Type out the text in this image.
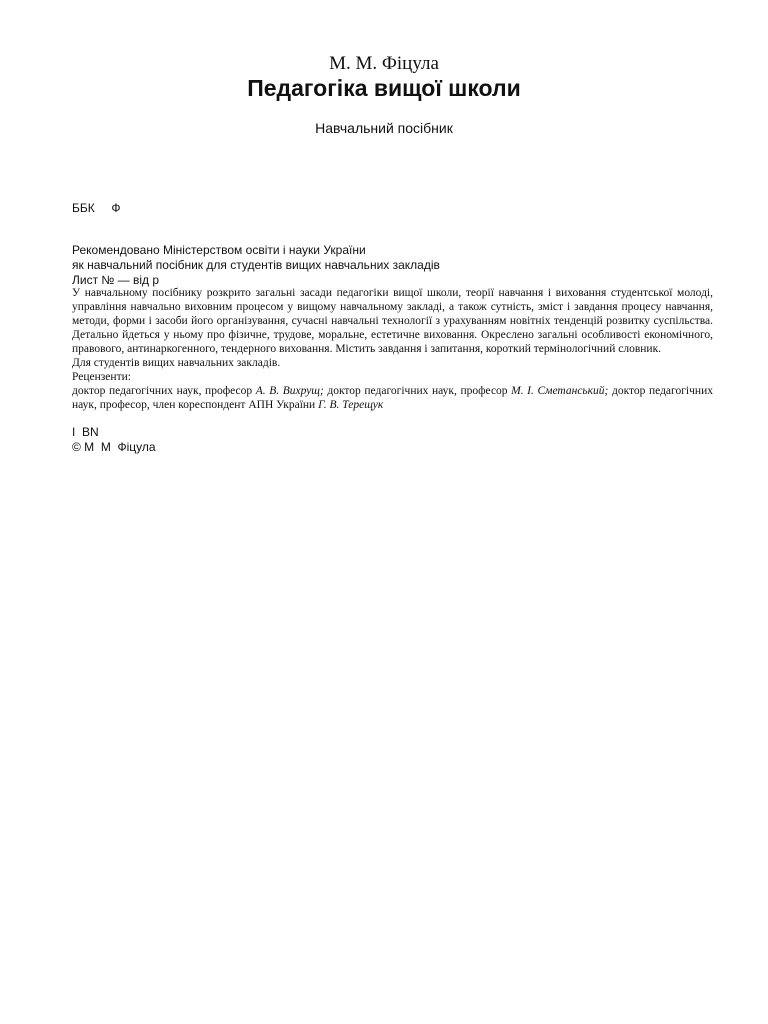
М. М. Фіцула
Педагогіка вищої школи
Навчальний посібник
ББК     Ф
Рекомендовано Міністерством освіти і науки України
як навчальний посібник для студентів вищих навчальних закладів
Лист № — від р

У навчальному посібнику розкрито загальні засади педагогіки вищої школи, теорії навчання і виховання студентської молоді, управління навчально виховним процесом у вищому навчальному закладі, а також сутність, зміст і завдання процесу навчання, методи, форми і засоби його організування, сучасні навчальні технології з урахуванням новітніх тенденцій розвитку суспільства. Детально йдеться у ньому про фізичне, трудове, моральне, естетичне виховання. Окреслено загальні особливості економічного, правового, антинаркогенного, тендерного виховання. Містить завдання і запитання, короткий термінологічний словник.

Для студентів вищих навчальних закладів.

Рецензенти:

доктор педагогічних наук, професор А. В. Вихрущ; доктор педагогічних наук, професор М. І. Сметанський; доктор педагогічних наук, професор, член кореспондент АПН України Г. В. Терещук

I  BN
© М  М  Фіцула
